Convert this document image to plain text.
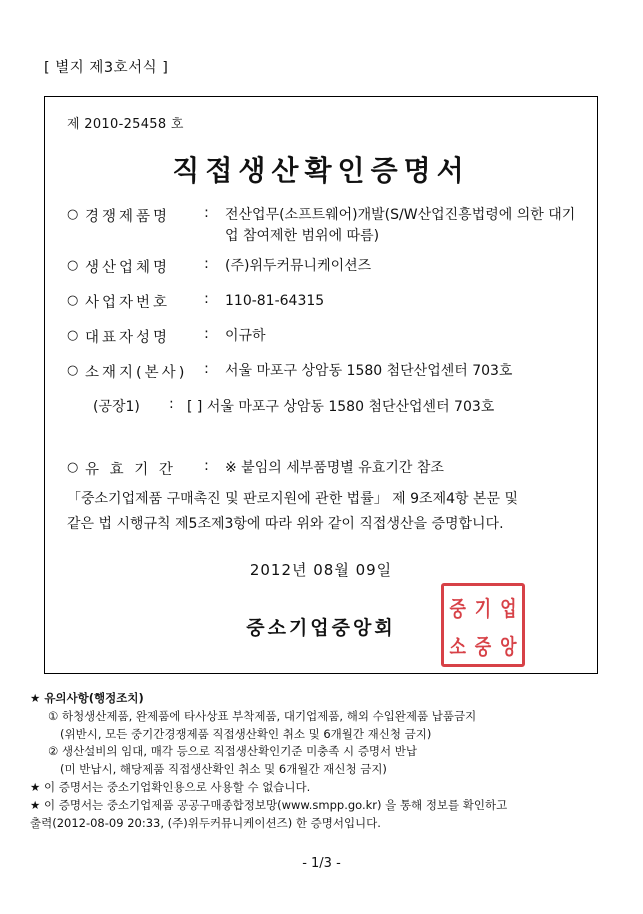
[ 별지 제3호서식 ]
제 2010-25458 호
직접생산확인증명서
○ 경쟁제품명 : 전산업무(소프트웨어)개발(S/W산업진흥법령에 의한 대기업 참여제한 범위에 따름)
○ 생산업체명 : (주)위두커뮤니케이션즈
○ 사업자번호 : 110-81-64315
○ 대표자성명 : 이규하
○ 소재지(본사) : 서울 마포구 상암동 1580 첨단산업센터 703호
(공장1) : [ ] 서울 마포구 상암동 1580 첨단산업센터 703호
○ 유 효 기 간 : ※ 붙임의 세부품명별 유효기간 참조
「중소기업제품 구매촉진 및 판로지원에 관한 법률」 제 9조제4항 본문 및
같은 법 시행규칙 제5조제3항에 따라 위와 같이 직접생산을 증명합니다.
2012년 08월 09일
중소기업중앙회
중 기 업
소 중 앙
★ 유의사항(행정조치)
① 하청생산제품, 완제품에 타사상표 부착제품, 대기업제품, 해외 수입완제품 납품금지
(위반시, 모든 중기간경쟁제품 직접생산확인 취소 및 6개월간 재신청 금지)
② 생산설비의 임대, 매각 등으로 직접생산확인기준 미충족 시 증명서 반납
(미 반납시, 해당제품 직접생산확인 취소 및 6개월간 재신청 금지)
★ 이 증명서는 중소기업확인용으로 사용할 수 없습니다.
★ 이 증명서는 중소기업제품 공공구매종합정보망(www.smpp.go.kr) 을 통해 정보를 확인하고
출력(2012-08-09 20:33, (주)위두커뮤니케이션즈) 한 증명서입니다.
- 1/3 -
